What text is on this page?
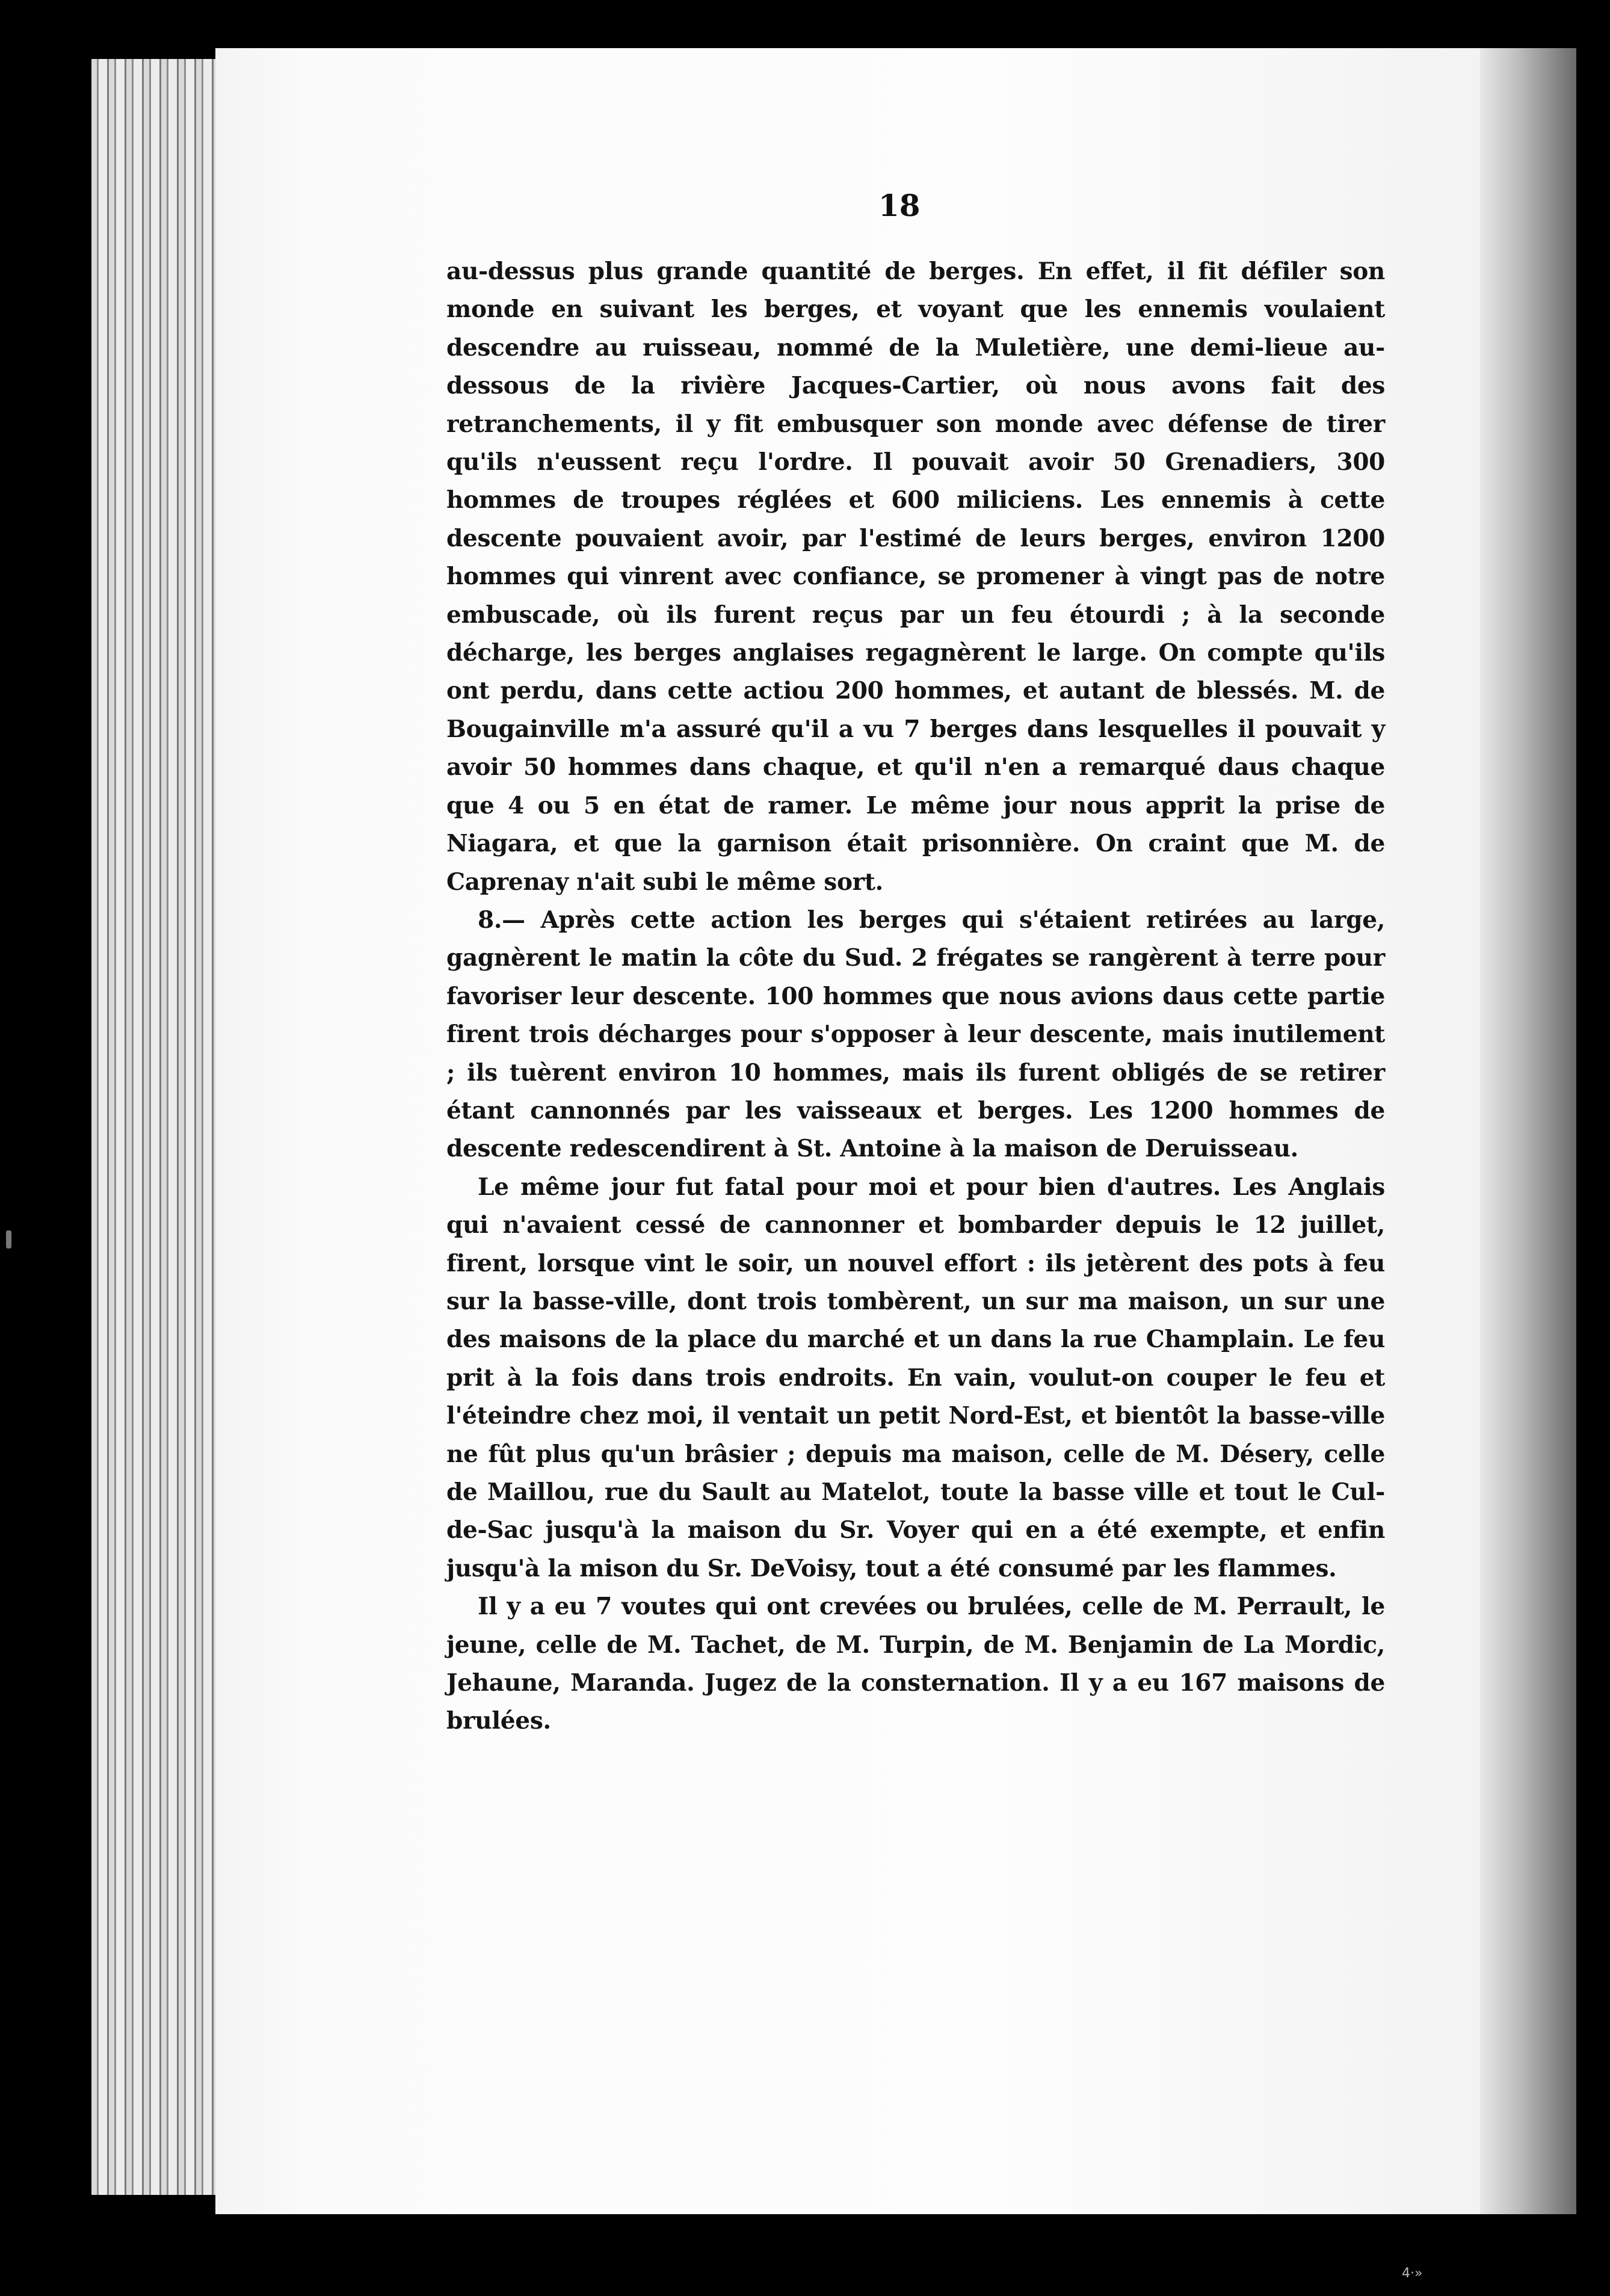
18

au-dessus plus grande quantité de berges. En effet, il fit défiler son monde en suivant les berges, et voyant que les ennemis voulaient descendre au ruisseau, nommé de la Muletière, une demi-lieue au-dessous de la rivière Jacques-Cartier, où nous avons fait des retranchements, il y fit embusquer son monde avec défense de tirer qu'ils n'eussent reçu l'ordre. Il pouvait avoir 50 Grenadiers, 300 hommes de troupes réglées et 600 miliciens. Les ennemis à cette descente pouvaient avoir, par l'estimé de leurs berges, environ 1200 hommes qui vinrent avec confiance, se promener à vingt pas de notre embuscade, où ils furent reçus par un feu étourdi ; à la seconde décharge, les berges anglaises regagnèrent le large. On compte qu'ils ont perdu, dans cette actiou 200 hommes, et autant de blessés. M. de Bougainville m'a assuré qu'il a vu 7 berges dans lesquelles il pouvait y avoir 50 hommes dans chaque, et qu'il n'en a remarqué daus chaque que 4 ou 5 en état de ramer. Le même jour nous apprit la prise de Niagara, et que la garnison était prisonnière. On craint que M. de Caprenay n'ait subi le même sort.

8.— Après cette action les berges qui s'étaient retirées au large, gagnèrent le matin la côte du Sud. 2 frégates se rangèrent à terre pour favoriser leur descente. 100 hommes que nous avions daus cette partie firent trois décharges pour s'opposer à leur descente, mais inutilement ; ils tuèrent environ 10 hommes, mais ils furent obligés de se retirer étant cannonnés par les vaisseaux et berges. Les 1200 hommes de descente redescendirent à St. Antoine à la maison de Deruisseau.

Le même jour fut fatal pour moi et pour bien d'autres. Les Anglais qui n'avaient cessé de cannonner et bombarder depuis le 12 juillet, firent, lorsque vint le soir, un nouvel effort : ils jetèrent des pots à feu sur la basse-ville, dont trois tombèrent, un sur ma maison, un sur une des maisons de la place du marché et un dans la rue Champlain. Le feu prit à la fois dans trois endroits. En vain, voulut-on couper le feu et l'éteindre chez moi, il ventait un petit Nord-Est, et bientôt la basse-ville ne fût plus qu'un brâsier ; depuis ma maison, celle de M. Désery, celle de Maillou, rue du Sault au Matelot, toute la basse ville et tout le Cul-de-Sac jusqu'à la maison du Sr. Voyer qui en a été exempte, et enfin jusqu'à la mison du Sr. DeVoisy, tout a été consumé par les flammes.

Il y a eu 7 voutes qui ont crevées ou brulées, celle de M. Perrault, le jeune, celle de M. Tachet, de M. Turpin, de M. Benjamin de La Mordic, Jehaune, Maranda. Jugez de la consternation. Il y a eu 167 maisons de brulées.

4·»
